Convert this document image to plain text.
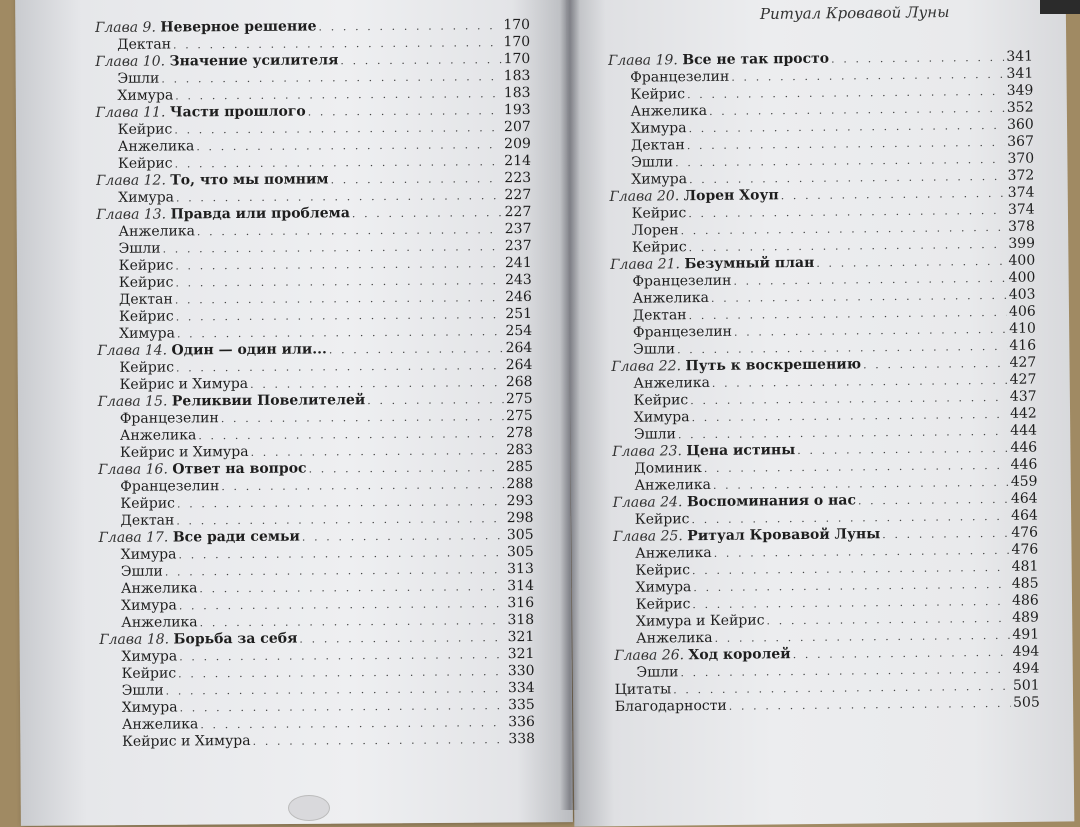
Ритуал Кровавой Луны
Глава 9. Неверное решение . . .	170
Дектан . . .	170
Глава 10. Значение усилителя . . .	170
Эшли . . .	183
Химура . . .	183
Глава 11. Части прошлого . . .	193
Кейрис . . .	207
Анжелика . . .	209
Кейрис . . .	214
Глава 12. То, что мы помним . . .	223
Химура . . .	227
Глава 13. Правда или проблема . . .	227
Анжелика . . .	237
Эшли . . .	237
Кейрис . . .	241
Кейрис . . .	243
Дектан . . .	246
Кейрис . . .	251
Химура . . .	254
Глава 14. Один — один или... . . .	264
Кейрис . . .	264
Кейрис и Химура . . .	268
Глава 15. Реликвии Повелителей . . .	275
Францезелин . . .	275
Анжелика . . .	278
Кейрис и Химура . . .	283
Глава 16. Ответ на вопрос . . .	285
Францезелин . . .	288
Кейрис . . .	293
Дектан . . .	298
Глава 17. Все ради семьи . . .	305
Химура . . .	305
Эшли . . .	313
Анжелика . . .	314
Химура . . .	316
Анжелика . . .	318
Глава 18. Борьба за себя . . .	321
Химура . . .	321
Кейрис . . .	330
Эшли . . .	334
Химура . . .	335
Анжелика . . .	336
Кейрис и Химура . . .	338
Глава 19. Все не так просто . . .	341
Францезелин . . .	341
Кейрис . . .	349
Анжелика . . .	352
Химура . . .	360
Дектан . . .	367
Эшли . . .	370
Химура . . .	372
Глава 20. Лорен Хоуп . . .	374
Кейрис . . .	374
Лорен . . .	378
Кейрис . . .	399
Глава 21. Безумный план . . .	400
Францезелин . . .	400
Анжелика . . .	403
Дектан . . .	406
Францезелин . . .	410
Эшли . . .	416
Глава 22. Путь к воскрешению . . .	427
Анжелика . . .	427
Кейрис . . .	437
Химура . . .	442
Эшли . . .	444
Глава 23. Цена истины . . .	446
Доминик . . .	446
Анжелика . . .	459
Глава 24. Воспоминания о нас . . .	464
Кейрис . . .	464
Глава 25. Ритуал Кровавой Луны . . .	476
Анжелика . . .	476
Кейрис . . .	481
Химура . . .	485
Кейрис . . .	486
Химура и Кейрис . . .	489
Анжелика . . .	491
Глава 26. Ход королей . . .	494
Эшли . . .	494
Цитаты . . .	501
Благодарности . . .	505
